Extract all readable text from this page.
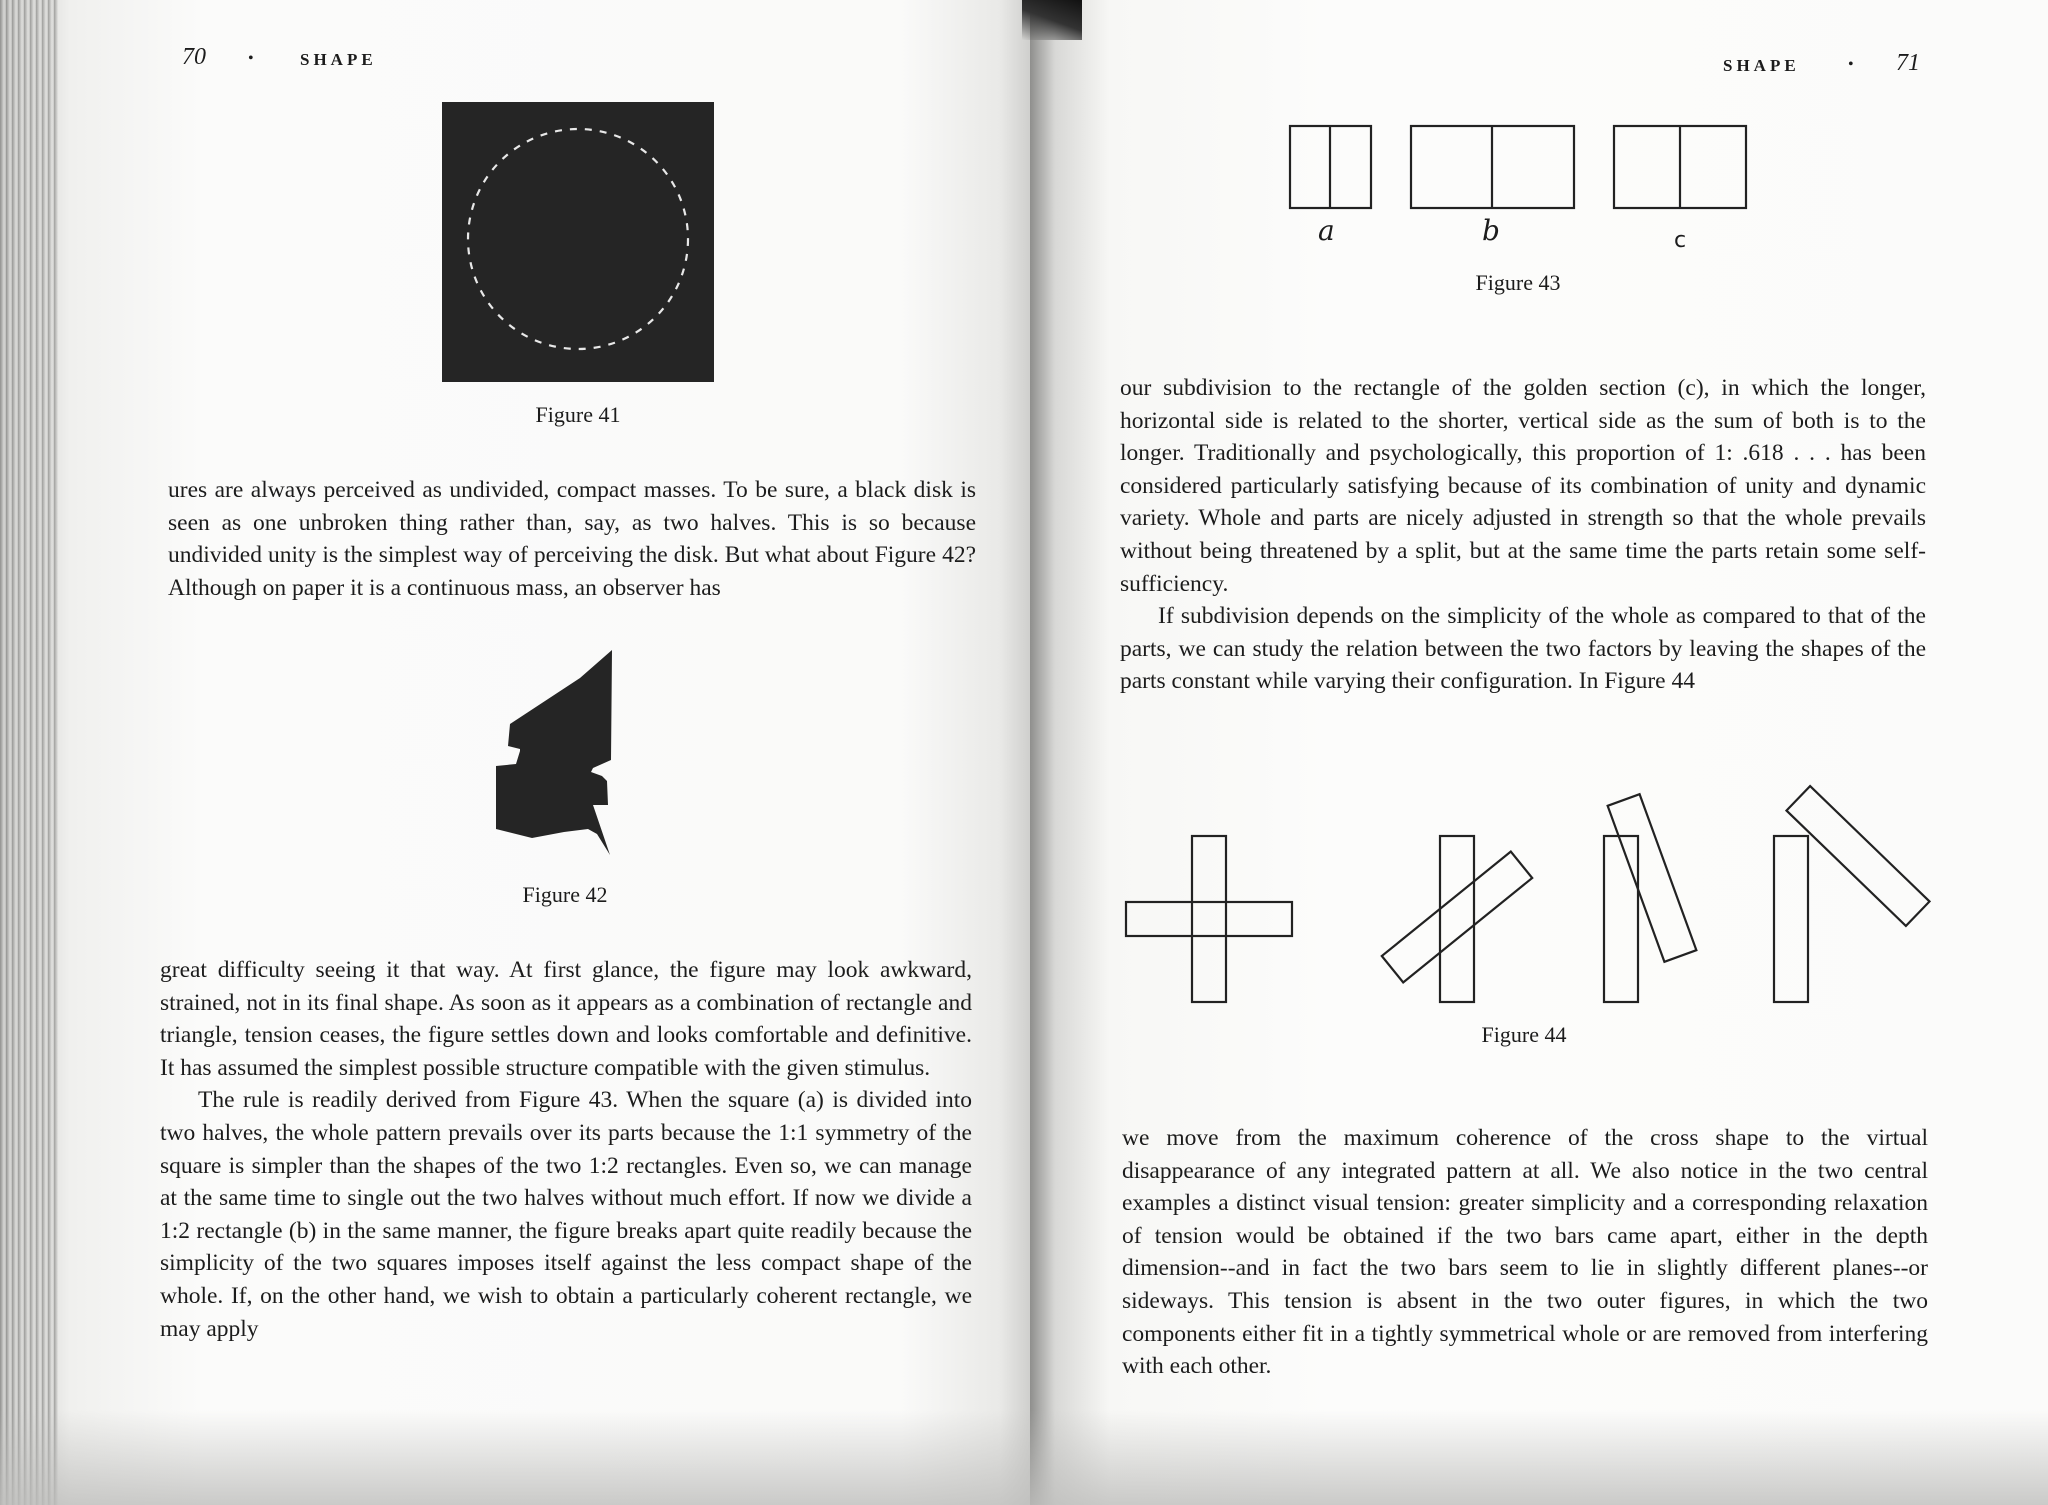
70	•	SHAPE
Figure 41

ures are always perceived as undivided, compact masses. To be sure, a black disk is seen as one unbroken thing rather than, say, as two halves. This is so because undivided unity is the simplest way of perceiving the disk. But what about Figure 42? Although on paper it is a continuous mass, an observer has

Figure 42

great difficulty seeing it that way. At first glance, the figure may look awkward, strained, not in its final shape. As soon as it appears as a combination of rectangle and triangle, tension ceases, the figure settles down and looks comfortable and definitive. It has assumed the simplest possible structure compatible with the given stimulus.

The rule is readily derived from Figure 43. When the square (a) is divided into two halves, the whole pattern prevails over its parts because the 1:1 symmetry of the square is simpler than the shapes of the two 1:2 rectangles. Even so, we can manage at the same time to single out the two halves without much effort. If now we divide a 1:2 rectangle (b) in the same manner, the figure breaks apart quite readily because the simplicity of the two squares imposes itself against the less compact shape of the whole. If, on the other hand, we wish to obtain a particularly coherent rectangle, we may apply

SHAPE	• 71
a	b	c
Figure 43

our subdivision to the rectangle of the golden section (c), in which the longer, horizontal side is related to the shorter, vertical side as the sum of both is to the longer. Traditionally and psychologically, this proportion of 1: .618 . . . has been considered particularly satisfying because of its combination of unity and dynamic variety. Whole and parts are nicely adjusted in strength so that the whole prevails without being threatened by a split, but at the same time the parts retain some self-sufficiency.

If subdivision depends on the simplicity of the whole as compared to that of the parts, we can study the relation between the two factors by leaving the shapes of the parts constant while varying their configuration. In Figure 44

Figure 44

we move from the maximum coherence of the cross shape to the virtual disappearance of any integrated pattern at all. We also notice in the two central examples a distinct visual tension: greater simplicity and a corresponding relaxation of tension would be obtained if the two bars came apart, either in the depth dimension--and in fact the two bars seem to lie in slightly different planes--or sideways. This tension is absent in the two outer figures, in which the two components either fit in a tightly symmetrical whole or are removed from interfering with each other.
